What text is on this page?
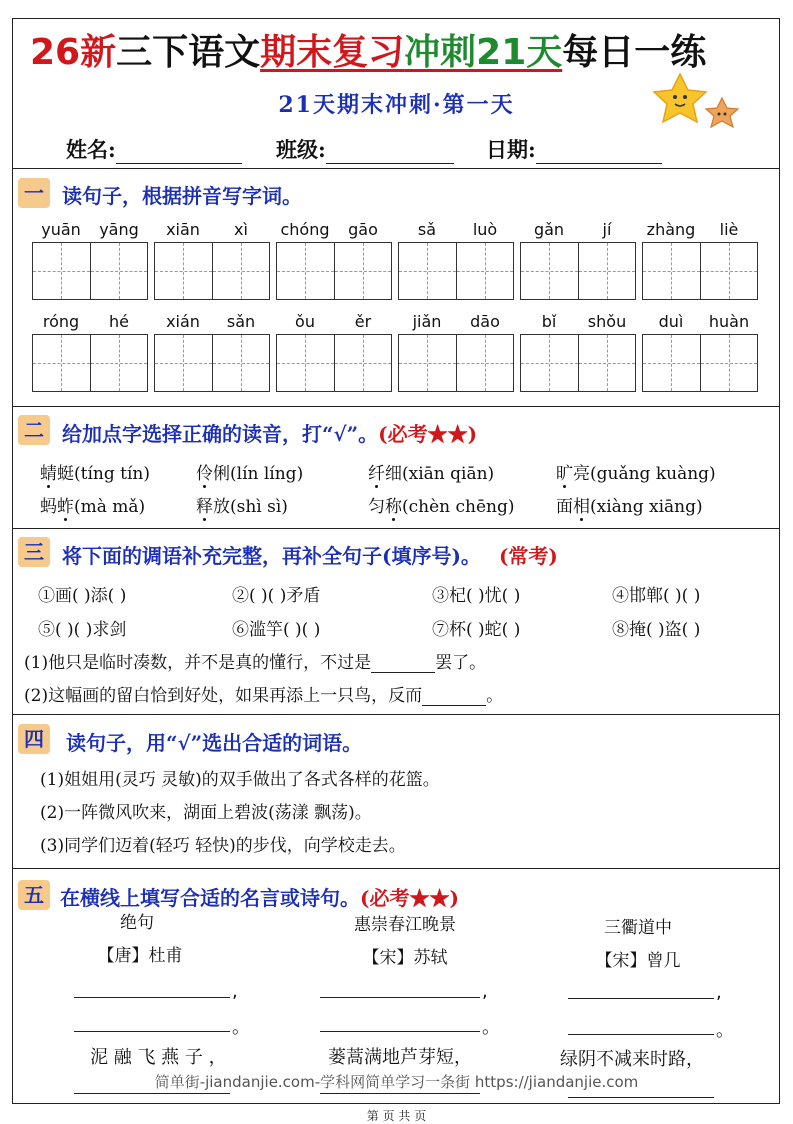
26新三下语文期末复习冲刺21天每日一练
21天期末冲刺·第一天
姓名:	班级:	日期:
一 读句子，根据拼音写字词。
yuān	yāng	xiān	xì	chóng	gāo	sǎ	luò	gǎn	jí	zhàng	liè
róng	hé	xián	sǎn	ǒu	ěr	jiǎn	dāo	bǐ	shǒu	duì	huàn
二 给加点字选择正确的读音，打“√”。(必考★★)
蜻蜓(tíng tín)	伶俐(lín líng)	纤细(xiān qiān)	旷亮(guǎng kuàng)
蚂蚱(mà mǎ)	释放(shì sì)	匀称(chèn chēng) 面相(xiàng xiāng)
三 将下面的调语补充完整，再补全句子(填序号)。 (常考)
①画( )添( )	②( )( )矛盾	③杞( )忧( )	④邯郸( )( )
⑤( )( )求剑	⑥滥竽( )( )	⑦杯( )蛇( )	⑧掩( )盗( )
(1)他只是临时凑数，并不是真的懂行，不过是	罢了。
(2)这幅画的留白恰到好处，如果再添上一只鸟，反而	。
四	读句子，用“√”选出合适的词语。
(1)姐姐用(灵巧 灵敏)的双手做出了各式各样的花篮。
(2)一阵微风吹来，湖面上碧波(荡漾 飘荡)。
(3)同学们迈着(轻巧 轻快)的步伐，向学校走去。
五 在横线上填写合适的名言或诗句。(必考★★)
绝句
【唐】杜甫
,
。
泥 融 飞 燕 子 ，
惠崇春江晚景
【宋】苏轼
,
。
蒌蒿满地芦芽短，
三衢道中
【宋】曾几
,
。
绿阴不减来时路，
简单街-jiandanjie.com-学科网简单学习一条街 https://jiandanjie.com
第 页 共 页
